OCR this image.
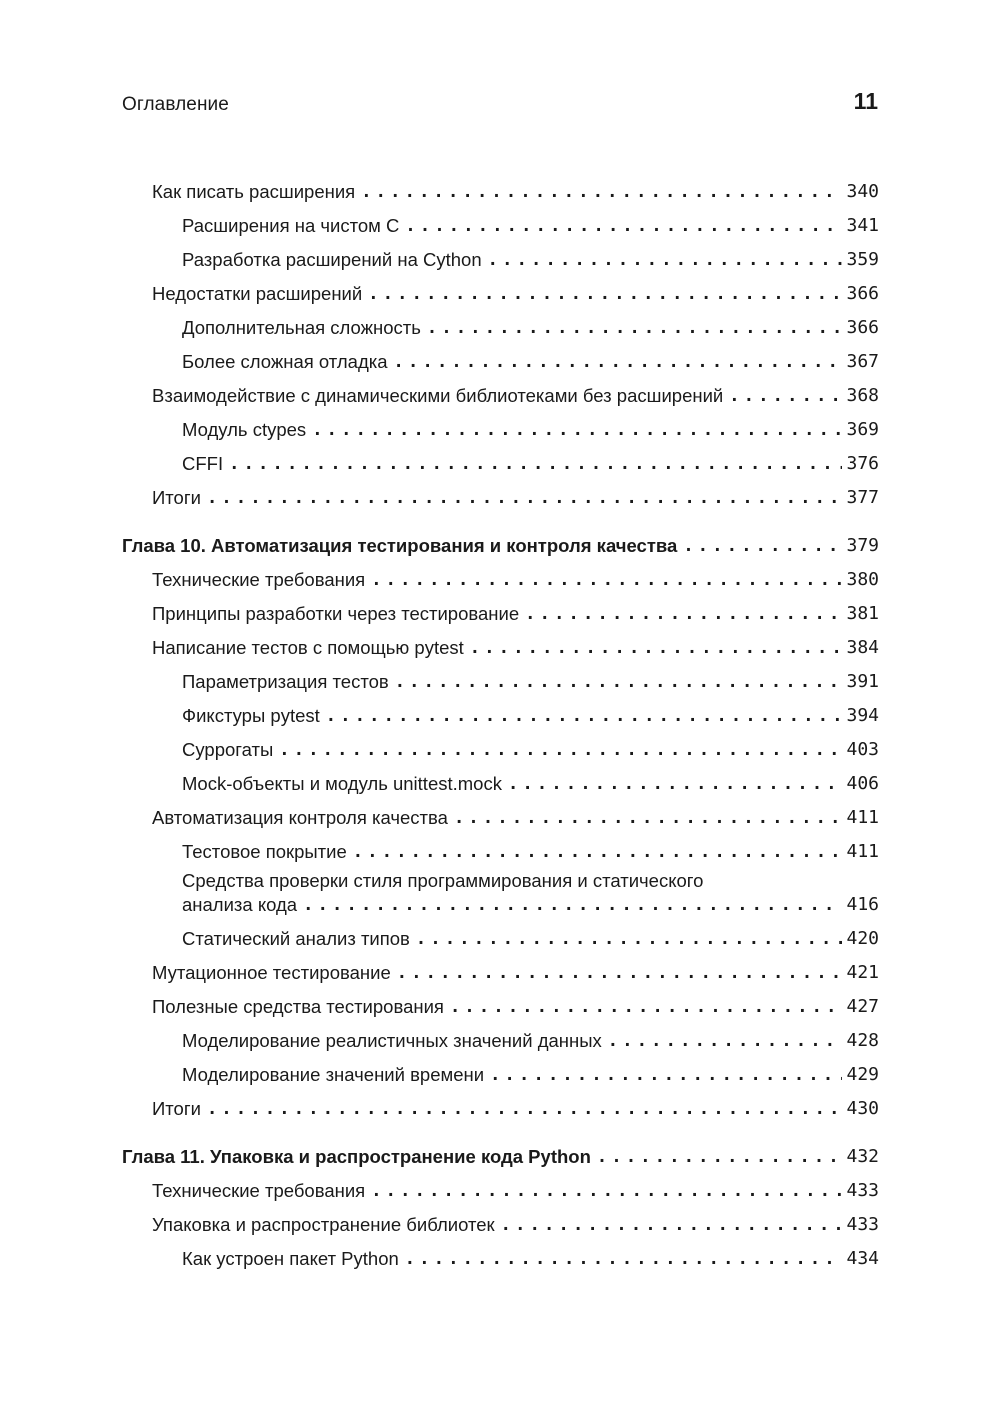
Оглавление	11
Как писать расширения . . .	340
Расширения на чистом C . . .	341
Разработка расширений на Cython . . .	359
Недостатки расширений . . .	366
Дополнительная сложность . . .	366
Более сложная отладка . . .	367
Взаимодействие с динамическими библиотеками без расширений . . .	368
Модуль ctypes . . .	369
CFFI . . .	376
Итоги . . .	377
Глава 10. Автоматизация тестирования и контроля качества . . .	379
Технические требования . . .	380
Принципы разработки через тестирование . . .	381
Написание тестов с помощью pytest . . .	384
Параметризация тестов . . .	391
Фикстуры pytest . . .	394
Суррогаты . . .	403
Mock-объекты и модуль unittest.mock . . .	406
Автоматизация контроля качества . . .	411
Тестовое покрытие . . .	411
Средства проверки стиля программирования и статического
анализа кода . . .	416
Статический анализ типов . . .	420
Мутационное тестирование . . .	421
Полезные средства тестирования . . .	427
Моделирование реалистичных значений данных . . .	428
Моделирование значений времени . . .	429
Итоги . . .	430
Глава 11. Упаковка и распространение кода Python . . .	432
Технические требования . . .	433
Упаковка и распространение библиотек . . .	433
Как устроен пакет Python . . .	434
